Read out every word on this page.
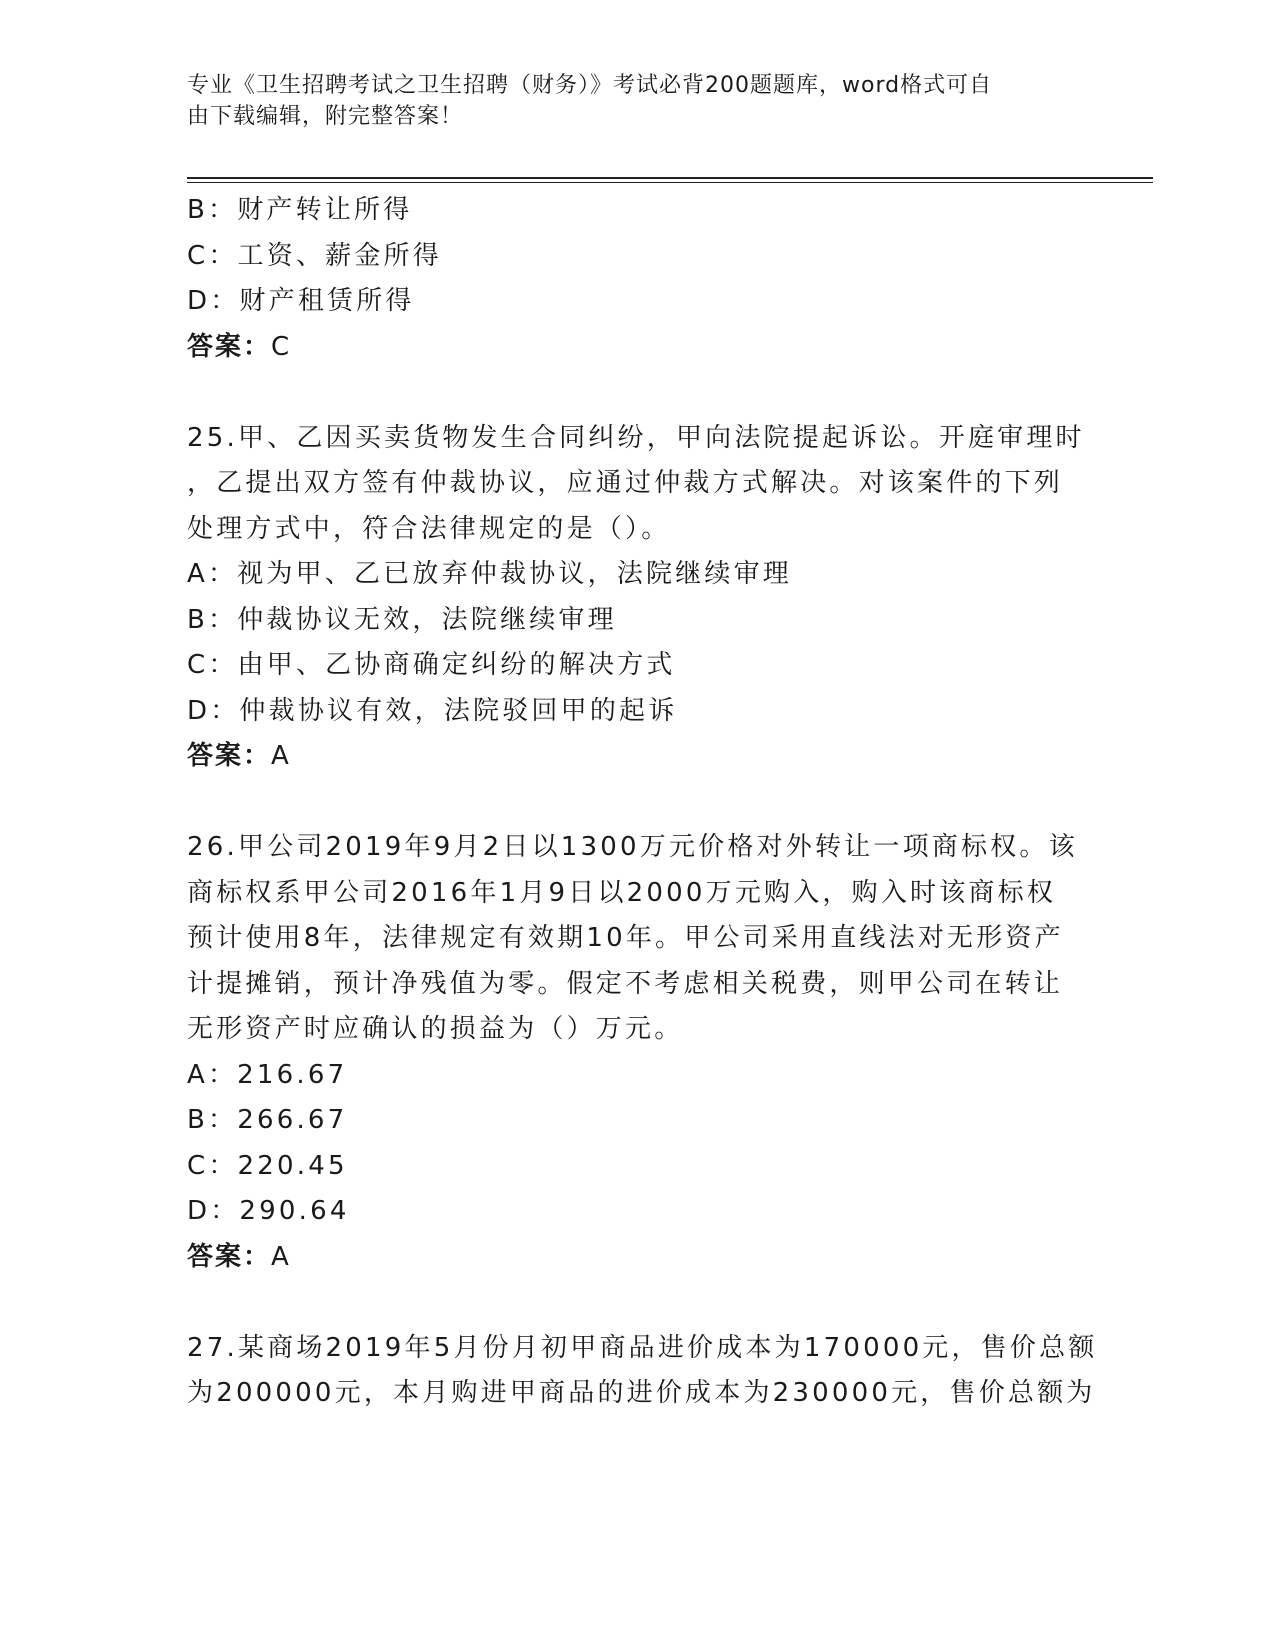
专业《卫生招聘考试之卫生招聘（财务）》考试必背200题题库，word格式可自
由下载编辑，附完整答案！
B：财产转让所得
C：工资、薪金所得
D：财产租赁所得
答案：C
25.甲、乙因买卖货物发生合同纠纷，甲向法院提起诉讼。开庭审理时
，乙提出双方签有仲裁协议，应通过仲裁方式解决。对该案件的下列
处理方式中，符合法律规定的是（）。
A：视为甲、乙已放弃仲裁协议，法院继续审理
B：仲裁协议无效，法院继续审理
C：由甲、乙协商确定纠纷的解决方式
D：仲裁协议有效，法院驳回甲的起诉
答案：A
26.甲公司2019年9月2日以1300万元价格对外转让一项商标权。该
商标权系甲公司2016年1月9日以2000万元购入，购入时该商标权
预计使用8年，法律规定有效期10年。甲公司采用直线法对无形资产
计提摊销，预计净残值为零。假定不考虑相关税费，则甲公司在转让
无形资产时应确认的损益为（）万元。
A：216.67
B：266.67
C：220.45
D：290.64
答案：A
27.某商场2019年5月份月初甲商品进价成本为170000元，售价总额
为200000元，本月购进甲商品的进价成本为230000元，售价总额为
